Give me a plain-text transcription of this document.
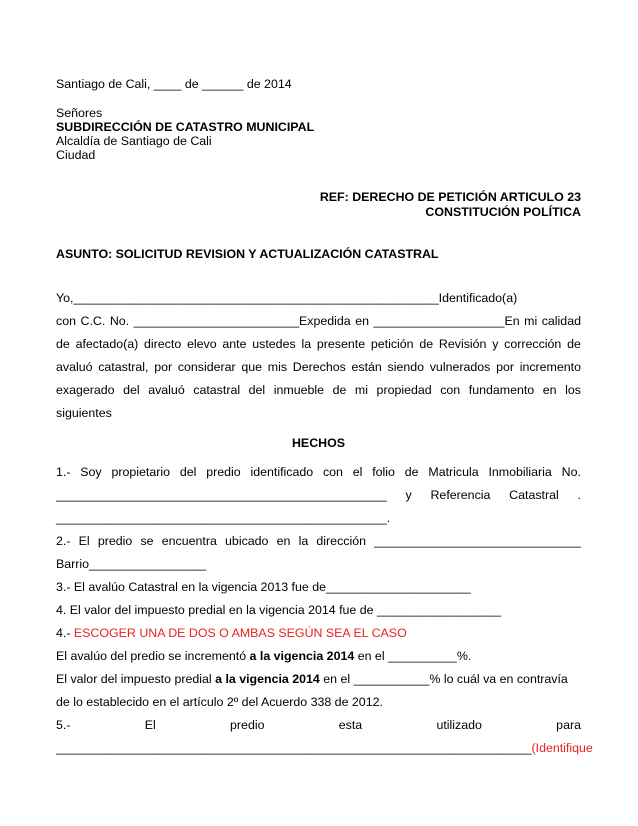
Santiago de Cali, ____ de ______ de 2014
Señores
SUBDIRECCIÓN DE CATASTRO MUNICIPAL
Alcaldía de Santiago de Cali
Ciudad
REF: DERECHO DE PETICIÓN ARTICULO 23
CONSTITUCIÓN POLÍTICA
ASUNTO: SOLICITUD REVISION Y ACTUALIZACIÓN CATASTRAL
Yo,_____________________________________________________Identificado(a)
con C.C. No. ________________________Expedida en ___________________En mi calidad
de afectado(a) directo elevo ante ustedes la presente petición de Revisión y corrección de
avaluó catastral, por considerar que mis Derechos están siendo vulnerados por incremento
exagerado del avaluó catastral del inmueble de mi propiedad con fundamento en los
siguientes
HECHOS
1.- Soy propietario del predio identificado con el folio de Matricula Inmobiliaria No.
________________________________________________ y Referencia Catastral .
________________________________________________.
2.- El predio se encuentra ubicado en la dirección ______________________________
Barrio_________________
3.- El avalúo Catastral en la vigencia 2013 fue de_____________________
4. El valor del impuesto predial en la vigencia 2014 fue de __________________
4.- ESCOGER UNA DE DOS O AMBAS SEGÚN SEA EL CASO
El avalúo del predio se incrementó a la vigencia 2014 en el __________%.
El valor del impuesto predial a la vigencia 2014 en el ___________% lo cuál va en contravía
de lo establecido en el artículo 2º del Acuerdo 338 de 2012.
5.-	El	predio	esta	utilizado	para
_____________________________________________________________________ (Identifique
